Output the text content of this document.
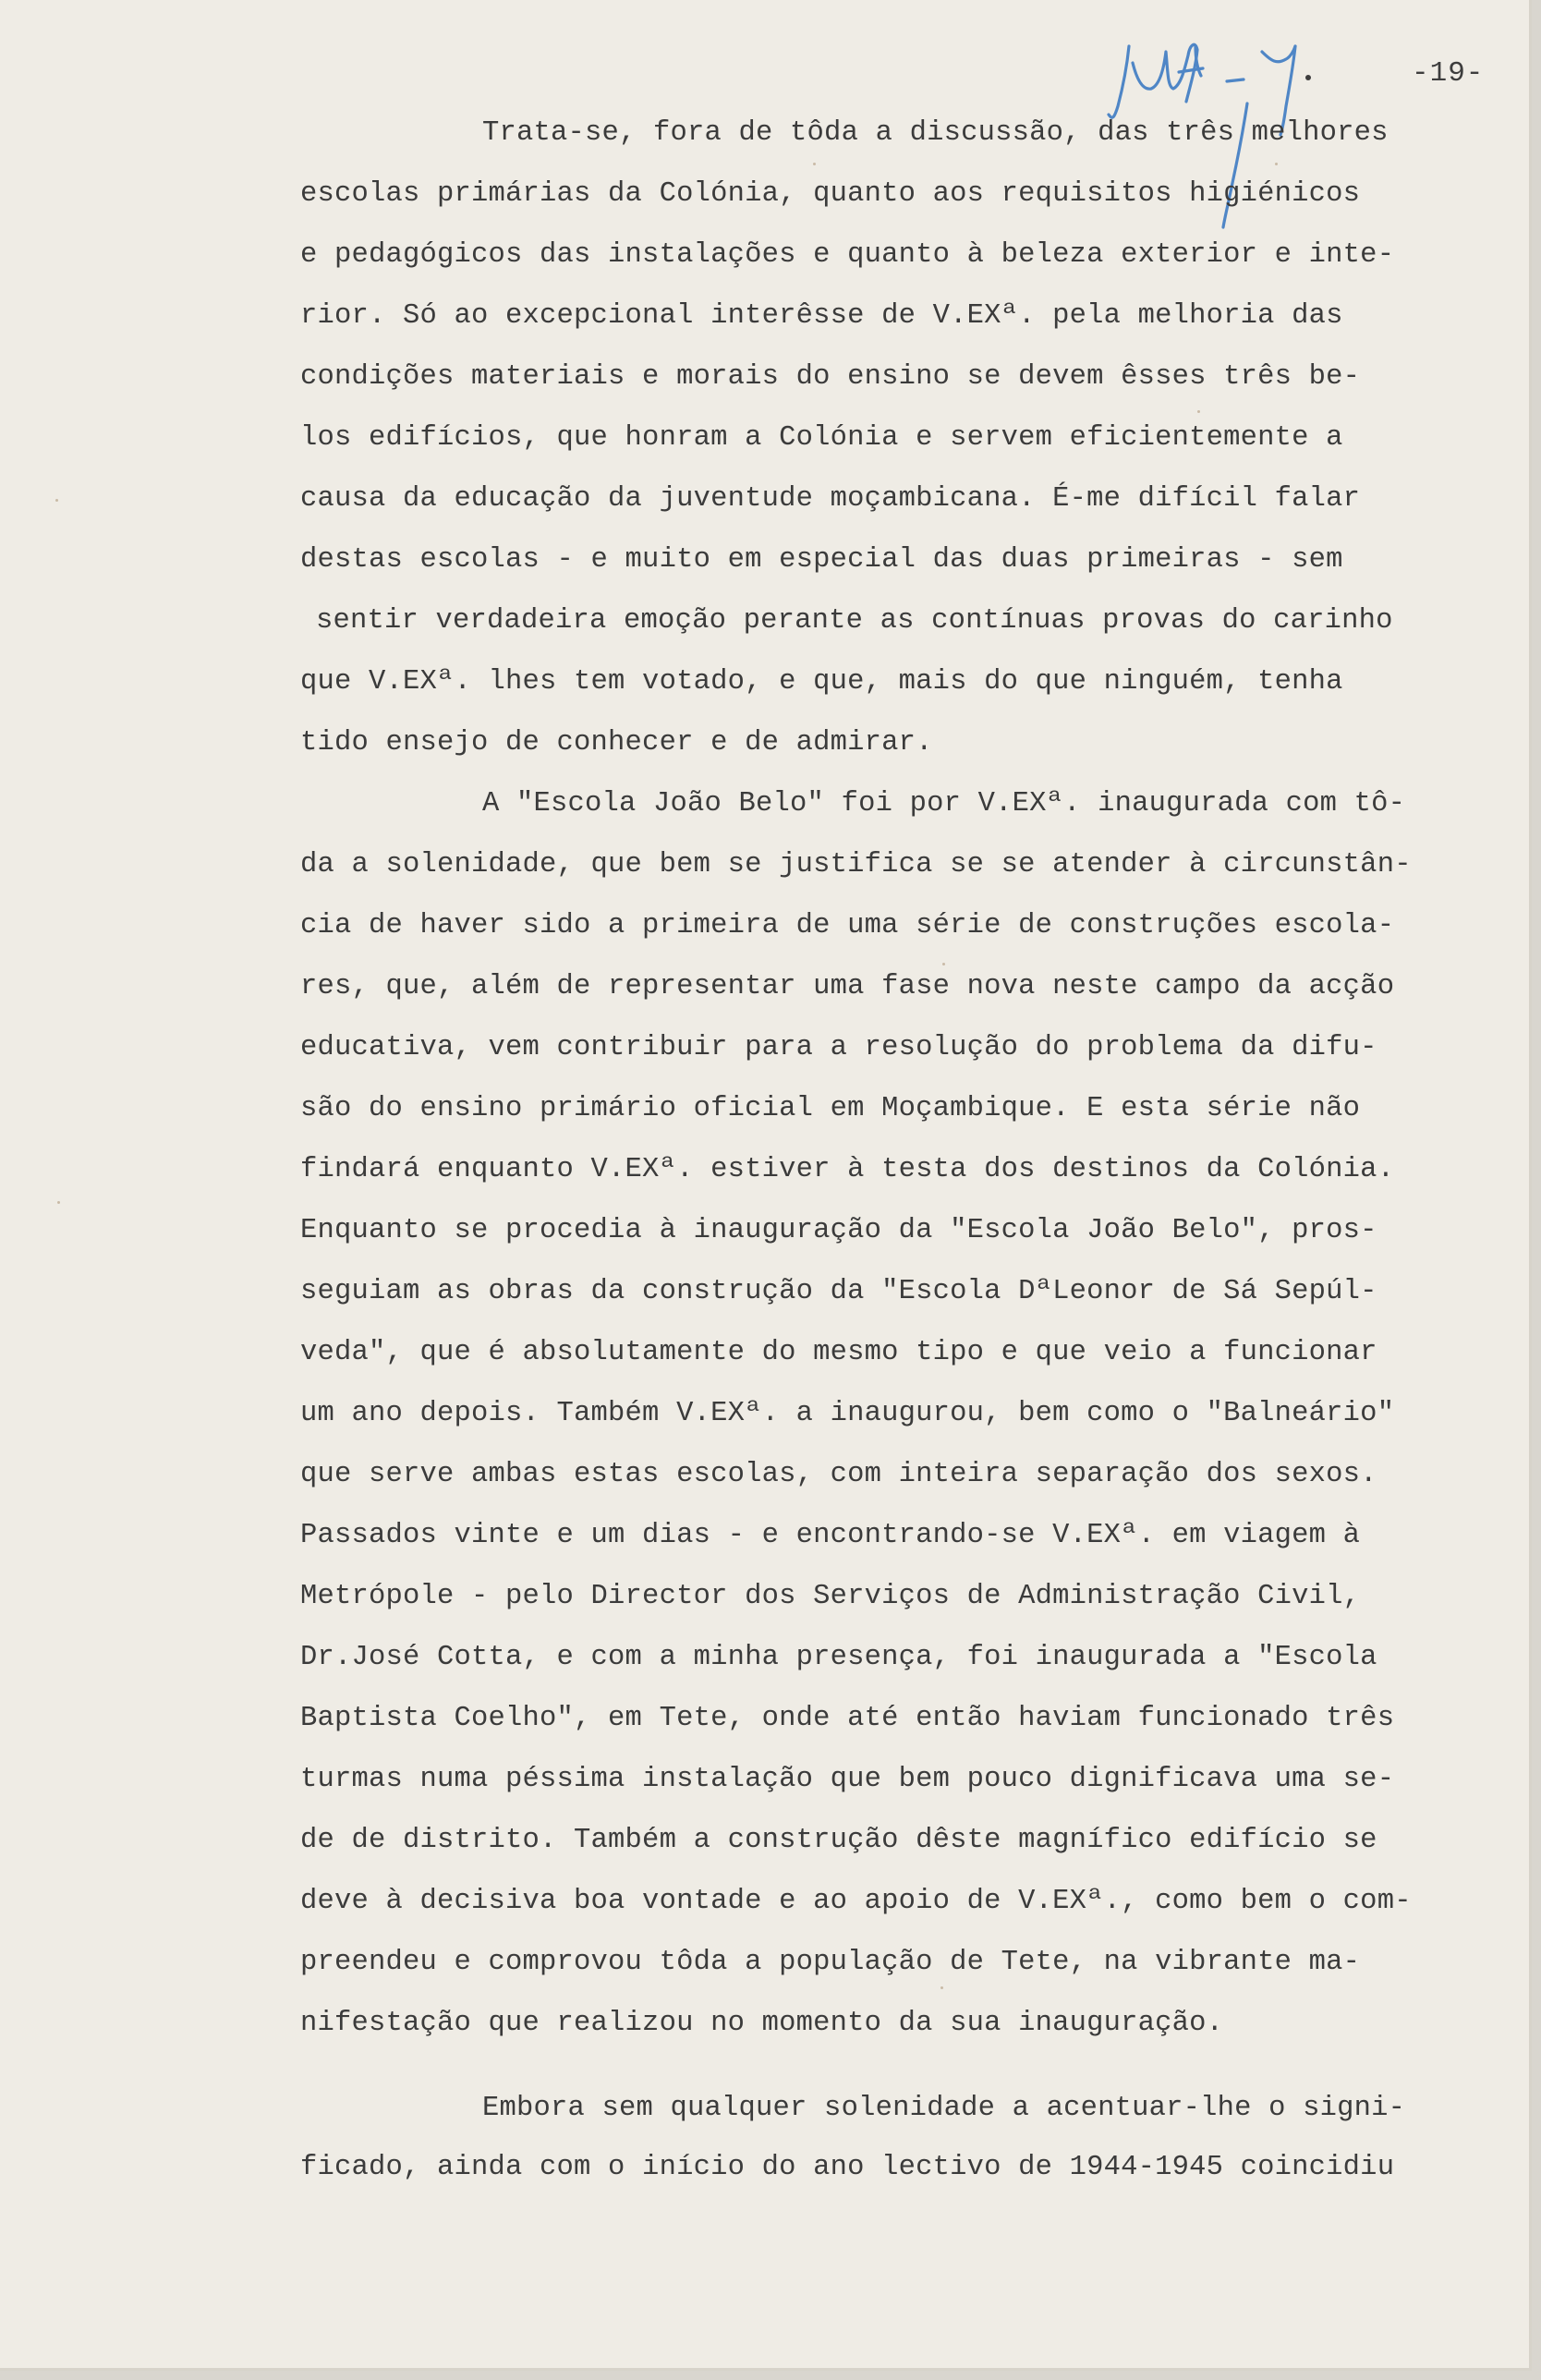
-19-
Trata-se, fora de tôda a discussão, das três melhores
escolas primárias da Colónia, quanto aos requisitos higiénicos
e pedagógicos das instalações e quanto à beleza exterior e inte-
rior. Só ao excepcional interêsse de V.EXª. pela melhoria das
condições materiais e morais do ensino se devem êsses três be-
los edifícios, que honram a Colónia e servem eficientemente a
causa da educação da juventude moçambicana. É-me difícil falar
destas escolas - e muito em especial das duas primeiras - sem
sentir verdadeira emoção perante as contínuas provas do carinho
que V.EXª. lhes tem votado, e que, mais do que ninguém, tenha
tido ensejo de conhecer e de admirar.
A "Escola João Belo" foi por V.EXª. inaugurada com tô-
da a solenidade, que bem se justifica se se atender à circunstân-
cia de haver sido a primeira de uma série de construções escola-
res, que, além de representar uma fase nova neste campo da acção
educativa, vem contribuir para a resolução do problema da difu-
são do ensino primário oficial em Moçambique. E esta série não
findará enquanto V.EXª. estiver à testa dos destinos da Colónia.
Enquanto se procedia à inauguração da "Escola João Belo", pros-
seguiam as obras da construção da "Escola DªLeonor de Sá Sepúl-
veda", que é absolutamente do mesmo tipo e que veio a funcionar
um ano depois. Também V.EXª. a inaugurou, bem como o "Balneário"
que serve ambas estas escolas, com inteira separação dos sexos.
Passados vinte e um dias - e encontrando-se V.EXª. em viagem à
Metrópole - pelo Director dos Serviços de Administração Civil,
Dr.José Cotta, e com a minha presença, foi inaugurada a "Escola
Baptista Coelho", em Tete, onde até então haviam funcionado três
turmas numa péssima instalação que bem pouco dignificava uma se-
de de distrito. Também a construção dêste magnífico edifício se
deve à decisiva boa vontade e ao apoio de V.EXª., como bem o com-
preendeu e comprovou tôda a população de Tete, na vibrante ma-
nifestação que realizou no momento da sua inauguração.
Embora sem qualquer solenidade a acentuar-lhe o signi-
ficado, ainda com o início do ano lectivo de 1944-1945 coincidiu
